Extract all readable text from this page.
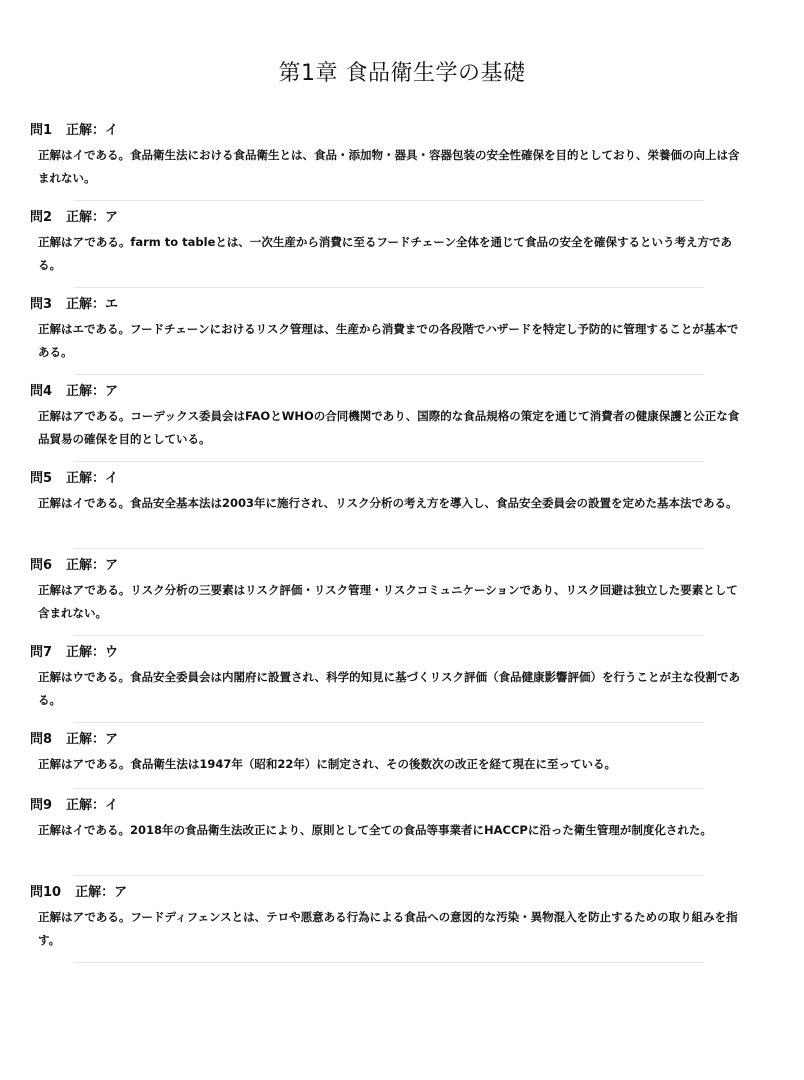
第1章 食品衛生学の基礎
問1 正解：イ
正解はイである。食品衛生法における食品衛生とは、食品・添加物・器具・容器包装の安全性確保を目的としており、栄養価の向上は含まれない。
問2 正解：ア
正解はアである。farm to tableとは、一次生産から消費に至るフードチェーン全体を通じて食品の安全を確保するという考え方である。
問3 正解：エ
正解はエである。フードチェーンにおけるリスク管理は、生産から消費までの各段階でハザードを特定し予防的に管理することが基本である。
問4 正解：ア
正解はアである。コーデックス委員会はFAOとWHOの合同機関であり、国際的な食品規格の策定を通じて消費者の健康保護と公正な食品貿易の確保を目的としている。
問5 正解：イ
正解はイである。食品安全基本法は2003年に施行され、リスク分析の考え方を導入し、食品安全委員会の設置を定めた基本法である。
問6 正解：ア
正解はアである。リスク分析の三要素はリスク評価・リスク管理・リスクコミュニケーションであり、リスク回避は独立した要素として含まれない。
問7 正解：ウ
正解はウである。食品安全委員会は内閣府に設置され、科学的知見に基づくリスク評価（食品健康影響評価）を行うことが主な役割である。
問8 正解：ア
正解はアである。食品衛生法は1947年（昭和22年）に制定され、その後数次の改正を経て現在に至っている。
問9 正解：イ
正解はイである。2018年の食品衛生法改正により、原則として全ての食品等事業者にHACCPに沿った衛生管理が制度化された。
問10 正解：ア
正解はアである。フードディフェンスとは、テロや悪意ある行為による食品への意図的な汚染・異物混入を防止するための取り組みを指す。
